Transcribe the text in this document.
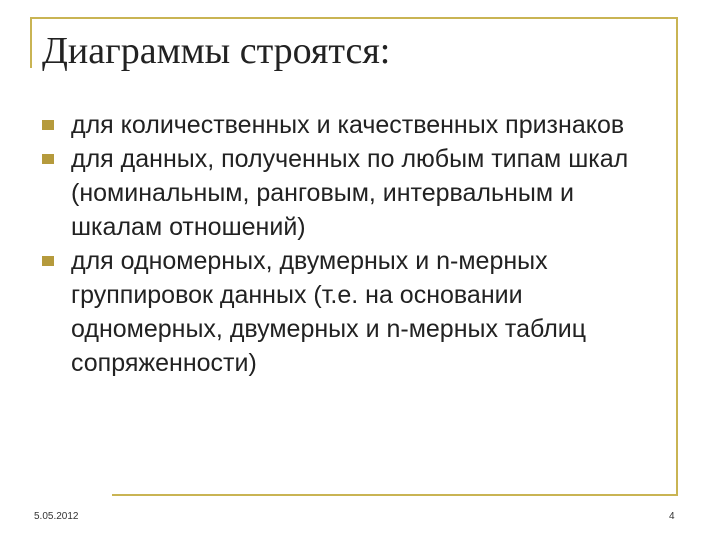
Диаграммы строятся:
для количественных и качественных признаков
для данных, полученных по любым типам шкал (номинальным, ранговым, интервальным и шкалам отношений)
для одномерных, двумерных и n-мерных группировок данных (т.е. на основании одномерных, двумерных и n-мерных таблиц сопряженности)
5.05.2012	4
